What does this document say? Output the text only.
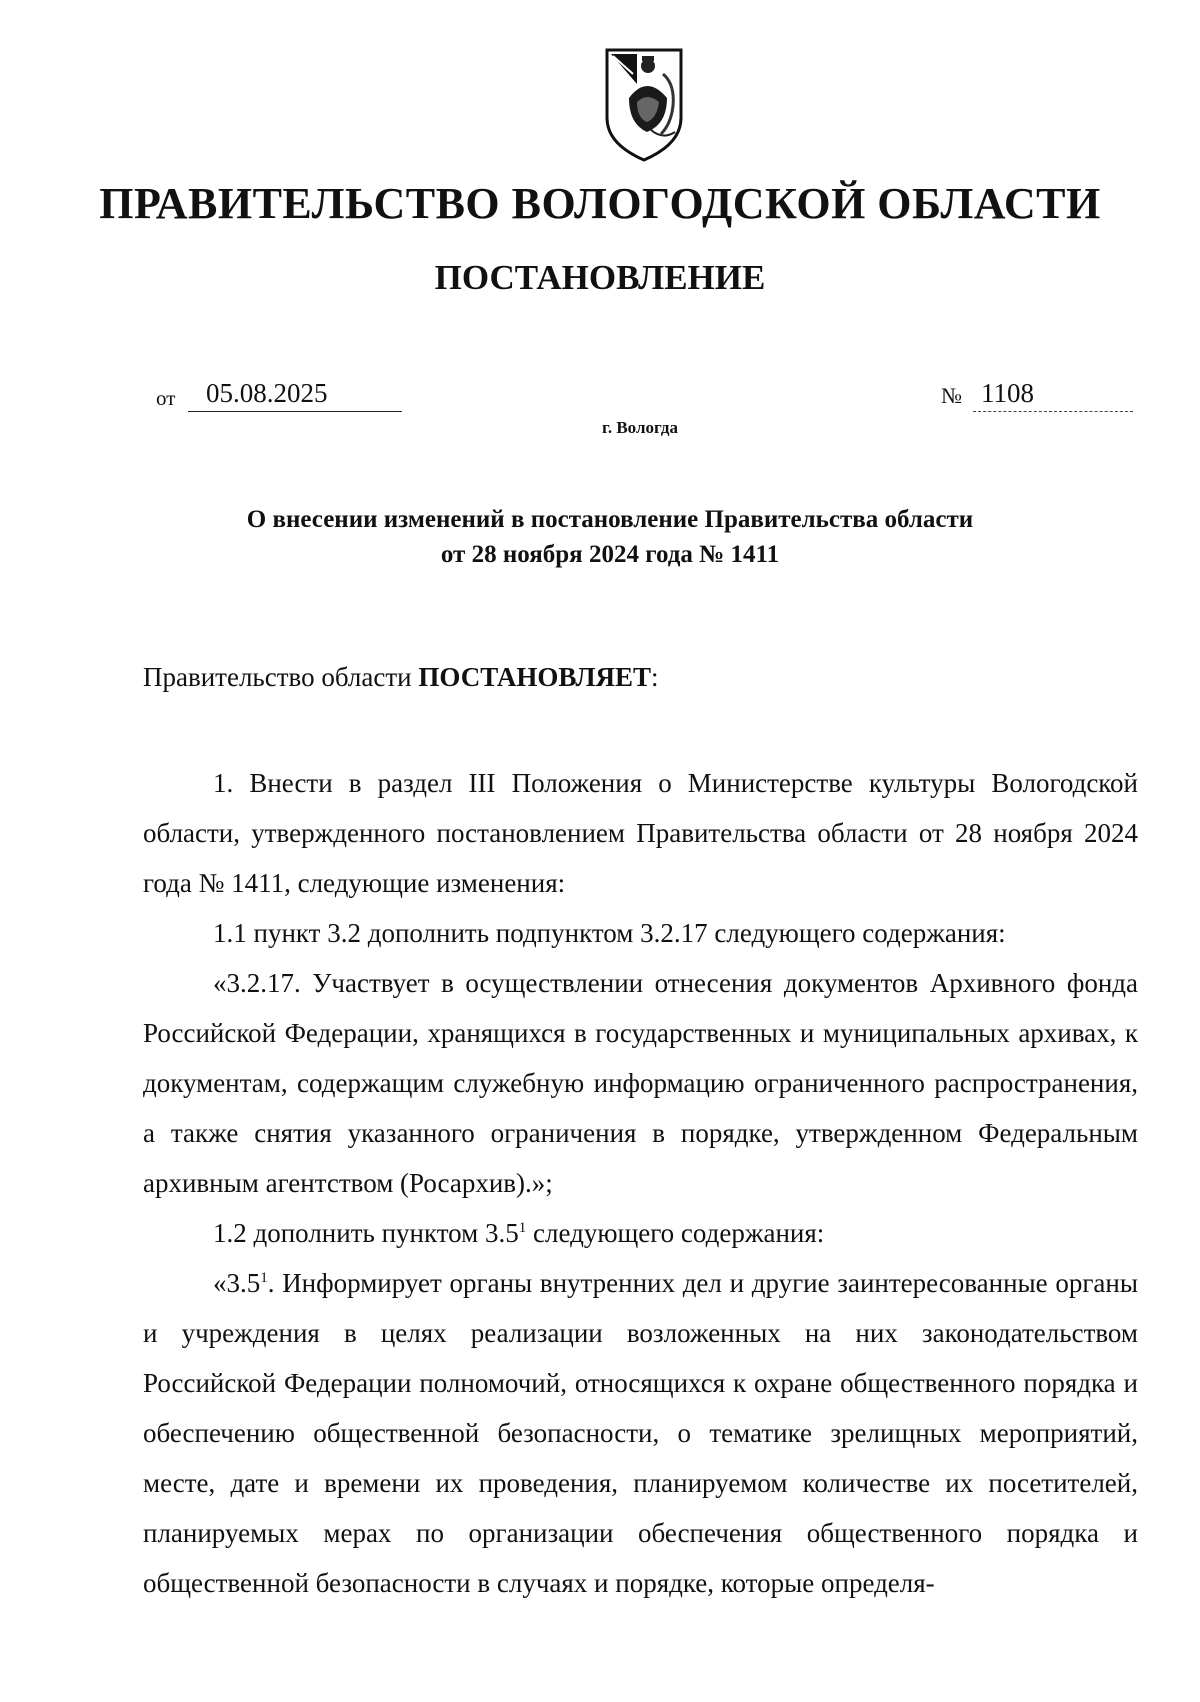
ПРАВИТЕЛЬСТВО ВОЛОГОДСКОЙ ОБЛАСТИ
ПОСТАНОВЛЕНИЕ
от	05.08.2025	№ 1108
г. Вологда
О внесении изменений в постановление Правительства области
от 28 ноября 2024 года № 1411
Правительство области ПОСТАНОВЛЯЕТ:

1. Внести в раздел III Положения о Министерстве культуры Вологодской области, утвержденного постановлением Правительства области от 28 ноября 2024 года № 1411, следующие изменения:

1.1 пункт 3.2 дополнить подпунктом 3.2.17 следующего содержания:

«3.2.17. Участвует в осуществлении отнесения документов Архивного фонда Российской Федерации, хранящихся в государственных и муниципальных архивах, к документам, содержащим служебную информацию ограниченного распространения, а также снятия указанного ограничения в порядке, утвержденном Федеральным архивным агентством (Росархив).»;

1.2 дополнить пунктом $3.5^1$ следующего содержания:

«$3.5^1$. Информирует органы внутренних дел и другие заинтересованные органы и учреждения в целях реализации возложенных на них законодательством Российской Федерации полномочий, относящихся к охране общественного порядка и обеспечению общественной безопасности, о тематике зрелищных мероприятий, месте, дате и времени их проведения, планируемом количестве их посетителей, планируемых мерах по организации обеспечения общественного порядка и общественной безопасности в случаях и порядке, которые определя-
